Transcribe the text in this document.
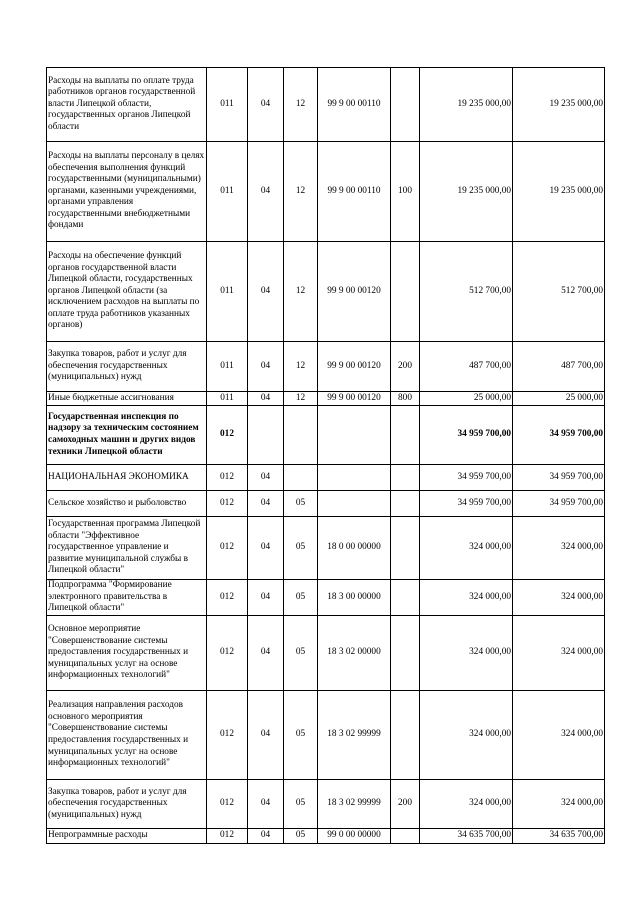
Расходы на выплаты по оплате труда работников органов государственной власти Липецкой области, государственных органов Липецкой области	011	04	12	99 9 00 00110		19 235 000,00	19 235 000,00
Расходы на выплаты персоналу в целях обеспечения выполнения функций государственными (муниципальными) органами, казенными учреждениями, органами управления государственными внебюджетными фондами	011	04	12	99 9 00 00110	100	19 235 000,00	19 235 000,00
Расходы на обеспечение функций органов государственной власти Липецкой области, государственных органов Липецкой области (за исключением расходов на выплаты по оплате труда работников указанных органов)	011	04	12	99 9 00 00120		512 700,00	512 700,00
Закупка товаров, работ и услуг для обеспечения государственных (муниципальных) нужд	011	04	12	99 9 00 00120	200	487 700,00	487 700,00
Иные бюджетные ассигнования	011	04	12	99 9 00 00120	800	25 000,00	25 000,00
Государственная инспекция по надзору за техническим состоянием самоходных машин и других видов техники Липецкой области	012					34 959 700,00	34 959 700,00
НАЦИОНАЛЬНАЯ ЭКОНОМИКА	012	04				34 959 700,00	34 959 700,00
Сельское хозяйство и рыболовство	012	04	05			34 959 700,00	34 959 700,00
Государственная программа Липецкой области "Эффективное государственное управление и развитие муниципальной службы в Липецкой области"	012	04	05	18 0 00 00000		324 000,00	324 000,00
Подпрограмма "Формирование электронного правительства в Липецкой области"	012	04	05	18 3 00 00000		324 000,00	324 000,00
Основное мероприятие "Совершенствование системы предоставления государственных и муниципальных услуг на основе информационных технологий"	012	04	05	18 3 02 00000		324 000,00	324 000,00
Реализация направления расходов основного мероприятия "Совершенствование системы предоставления государственных и муниципальных услуг на основе информационных технологий"	012	04	05	18 3 02 99999		324 000,00	324 000,00
Закупка товаров, работ и услуг для обеспечения государственных (муниципальных) нужд	012	04	05	18 3 02 99999	200	324 000,00	324 000,00
Непрограммные расходы	012	04	05	99 0 00 00000		34 635 700,00	34 635 700,00
